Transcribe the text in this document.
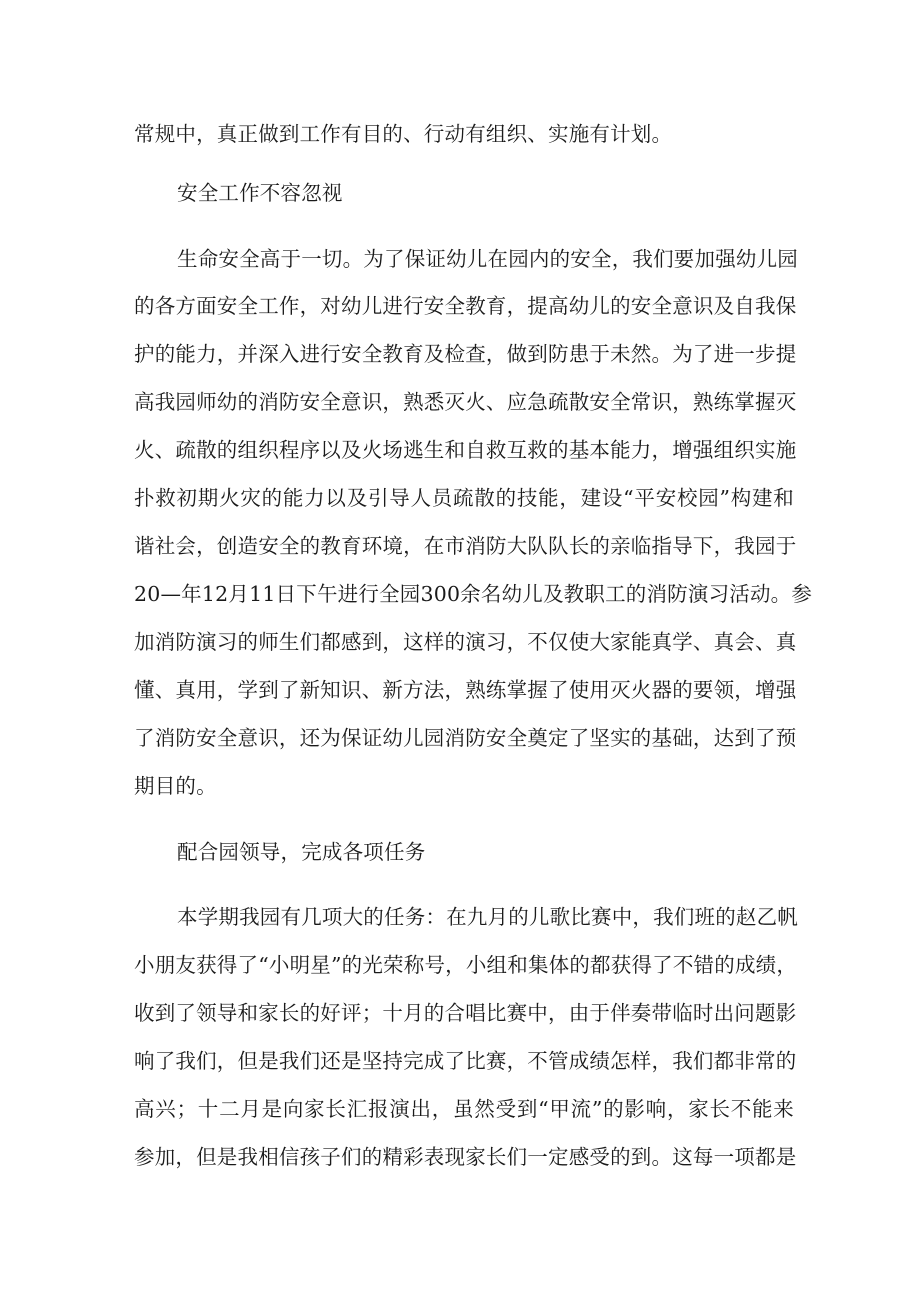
常规中，真正做到工作有目的、行动有组织、实施有计划。
安全工作不容忽视
生命安全高于一切。为了保证幼儿在园内的安全，我们要加强幼儿园
的各方面安全工作，对幼儿进行安全教育，提高幼儿的安全意识及自我保
护的能力，并深入进行安全教育及检查，做到防患于未然。为了进一步提
高我园师幼的消防安全意识，熟悉灭火、应急疏散安全常识，熟练掌握灭
火、疏散的组织程序以及火场逃生和自救互救的基本能力，增强组织实施
扑救初期火灾的能力以及引导人员疏散的技能，建设“平安校园”构建和
谐社会，创造安全的教育环境，在市消防大队队长的亲临指导下，我园于
20—年12月11日下午进行全园300余名幼儿及教职工的消防演习活动。参
加消防演习的师生们都感到，这样的演习，不仅使大家能真学、真会、真
懂、真用，学到了新知识、新方法，熟练掌握了使用灭火器的要领，增强
了消防安全意识，还为保证幼儿园消防安全奠定了坚实的基础，达到了预
期目的。
配合园领导，完成各项任务
本学期我园有几项大的任务：在九月的儿歌比赛中，我们班的赵乙帆
小朋友获得了“小明星”的光荣称号，小组和集体的都获得了不错的成绩，
收到了领导和家长的好评；十月的合唱比赛中，由于伴奏带临时出问题影
响了我们，但是我们还是坚持完成了比赛，不管成绩怎样，我们都非常的
高兴；十二月是向家长汇报演出，虽然受到“甲流”的影响，家长不能来
参加，但是我相信孩子们的精彩表现家长们一定感受的到。这每一项都是
